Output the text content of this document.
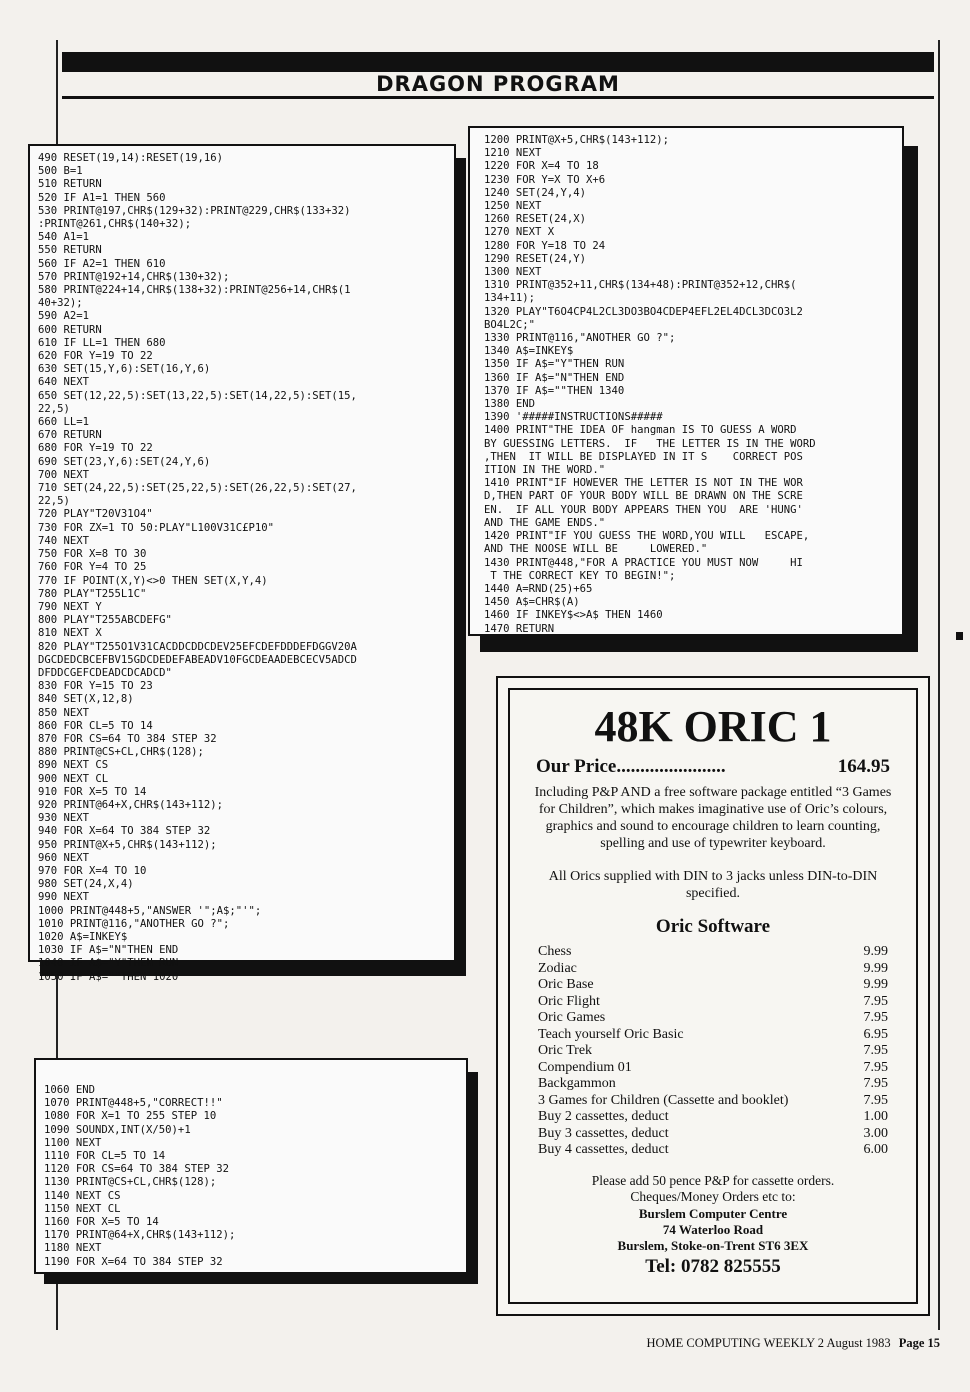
DRAGON PROGRAM
490 RESET(19,14):RESET(19,16)
500 B=1
510 RETURN
520 IF A1=1 THEN 560
530 PRINT@197,CHR$(129+32):PRINT@229,CHR$(133+32)
:PRINT@261,CHR$(140+32);
540 A1=1
550 RETURN
560 IF A2=1 THEN 610
570 PRINT@192+14,CHR$(130+32);
580 PRINT@224+14,CHR$(138+32):PRINT@256+14,CHR$(1
40+32);
590 A2=1
600 RETURN
610 IF LL=1 THEN 680
620 FOR Y=19 TO 22
630 SET(15,Y,6):SET(16,Y,6)
640 NEXT
650 SET(12,22,5):SET(13,22,5):SET(14,22,5):SET(15,
22,5)
660 LL=1
670 RETURN
680 FOR Y=19 TO 22
690 SET(23,Y,6):SET(24,Y,6)
700 NEXT
710 SET(24,22,5):SET(25,22,5):SET(26,22,5):SET(27,
22,5)
720 PLAY"T20V31O4"
730 FOR ZX=1 TO 50:PLAY"L100V31C£P10"
740 NEXT
750 FOR X=8 TO 30
760 FOR Y=4 TO 25
770 IF POINT(X,Y)<>0 THEN SET(X,Y,4)
780 PLAY"T255L1C"
790 NEXT Y
800 PLAY"T255ABCDEFG"
810 NEXT X
820 PLAY"T255O1V31CACDDCDDCDEV25EFCDEFDDDEFDGGV20A
DGCDEDCBCEFBV15GDCDEDEFABEADV10FGCDEAADEBCECV5ADCD
DFDDCGEFCDEADCDCADCD"
830 FOR Y=15 TO 23
840 SET(X,12,8)
850 NEXT
860 FOR CL=5 TO 14
870 FOR CS=64 TO 384 STEP 32
880 PRINT@CS+CL,CHR$(128);
890 NEXT CS
900 NEXT CL
910 FOR X=5 TO 14
920 PRINT@64+X,CHR$(143+112);
930 NEXT
940 FOR X=64 TO 384 STEP 32
950 PRINT@X+5,CHR$(143+112);
960 NEXT
970 FOR X=4 TO 10
980 SET(24,X,4)
990 NEXT
1000 PRINT@448+5,"ANSWER '";A$;"'";
1010 PRINT@116,"ANOTHER GO ?";
1020 A$=INKEY$
1030 IF A$="N"THEN END
1040 IF A$="Y"THEN RUN
1050 IF A$=""THEN 1020
1060 END
1070 PRINT@448+5,"CORRECT!!"
1080 FOR X=1 TO 255 STEP 10
1090 SOUNDX,INT(X/50)+1
1100 NEXT
1110 FOR CL=5 TO 14
1120 FOR CS=64 TO 384 STEP 32
1130 PRINT@CS+CL,CHR$(128);
1140 NEXT CS
1150 NEXT CL
1160 FOR X=5 TO 14
1170 PRINT@64+X,CHR$(143+112);
1180 NEXT
1190 FOR X=64 TO 384 STEP 32
1200 PRINT@X+5,CHR$(143+112);
1210 NEXT
1220 FOR X=4 TO 18
1230 FOR Y=X TO X+6
1240 SET(24,Y,4)
1250 NEXT
1260 RESET(24,X)
1270 NEXT X
1280 FOR Y=18 TO 24
1290 RESET(24,Y)
1300 NEXT
1310 PRINT@352+11,CHR$(134+48):PRINT@352+12,CHR$(
134+11);
1320 PLAY"T6O4CP4L2CL3DO3BO4CDEP4EFL2EL4DCL3DCO3L2
BO4L2C;"
1330 PRINT@116,"ANOTHER GO ?";
1340 A$=INKEY$
1350 IF A$="Y"THEN RUN
1360 IF A$="N"THEN END
1370 IF A$=""THEN 1340
1380 END
1390 '#####INSTRUCTIONS#####
1400 PRINT"THE IDEA OF hangman IS TO GUESS A WORD
BY GUESSING LETTERS.  IF   THE LETTER IS IN THE WORD
,THEN  IT WILL BE DISPLAYED IN IT S    CORRECT POS
ITION IN THE WORD."
1410 PRINT"IF HOWEVER THE LETTER IS NOT IN THE WOR
D,THEN PART OF YOUR BODY WILL BE DRAWN ON THE SCRE
EN.  IF ALL YOUR BODY APPEARS THEN YOU  ARE 'HUNG'
AND THE GAME ENDS."
1420 PRINT"IF YOU GUESS THE WORD,YOU WILL   ESCAPE,
AND THE NOOSE WILL BE     LOWERED."
1430 PRINT@448,"FOR A PRACTICE YOU MUST NOW     HI
T THE CORRECT KEY TO BEGIN!";
1440 A=RND(25)+65
1450 A$=CHR$(A)
1460 IF INKEY$<>A$ THEN 1460
1470 RETURN
48K ORIC 1
Our Price.......................	164.95
Including P&P AND a free software package entitled “3 Games for Children”, which makes imaginative use of Oric’s colours, graphics and sound to encourage children to learn counting, spelling and use of typewriter keyboard.
All Orics supplied with DIN to 3 jacks unless DIN-to-DIN specified.
Oric Software
Chess	9.99
Zodiac	9.99
Oric Base	9.99
Oric Flight	7.95
Oric Games	7.95
Teach yourself Oric Basic	6.95
Oric Trek	7.95
Compendium 01	7.95
Backgammon	7.95
3 Games for Children (Cassette and booklet)	7.95
Buy 2 cassettes, deduct	1.00
Buy 3 cassettes, deduct	3.00
Buy 4 cassettes, deduct	6.00
Please add 50 pence P&P for cassette orders.
Cheques/Money Orders etc to:
Burslem Computer Centre
74 Waterloo Road
Burslem, Stoke-on-Trent ST6 3EX
Tel: 0782 825555
HOME COMPUTING WEEKLY 2 August 1983 Page 15
